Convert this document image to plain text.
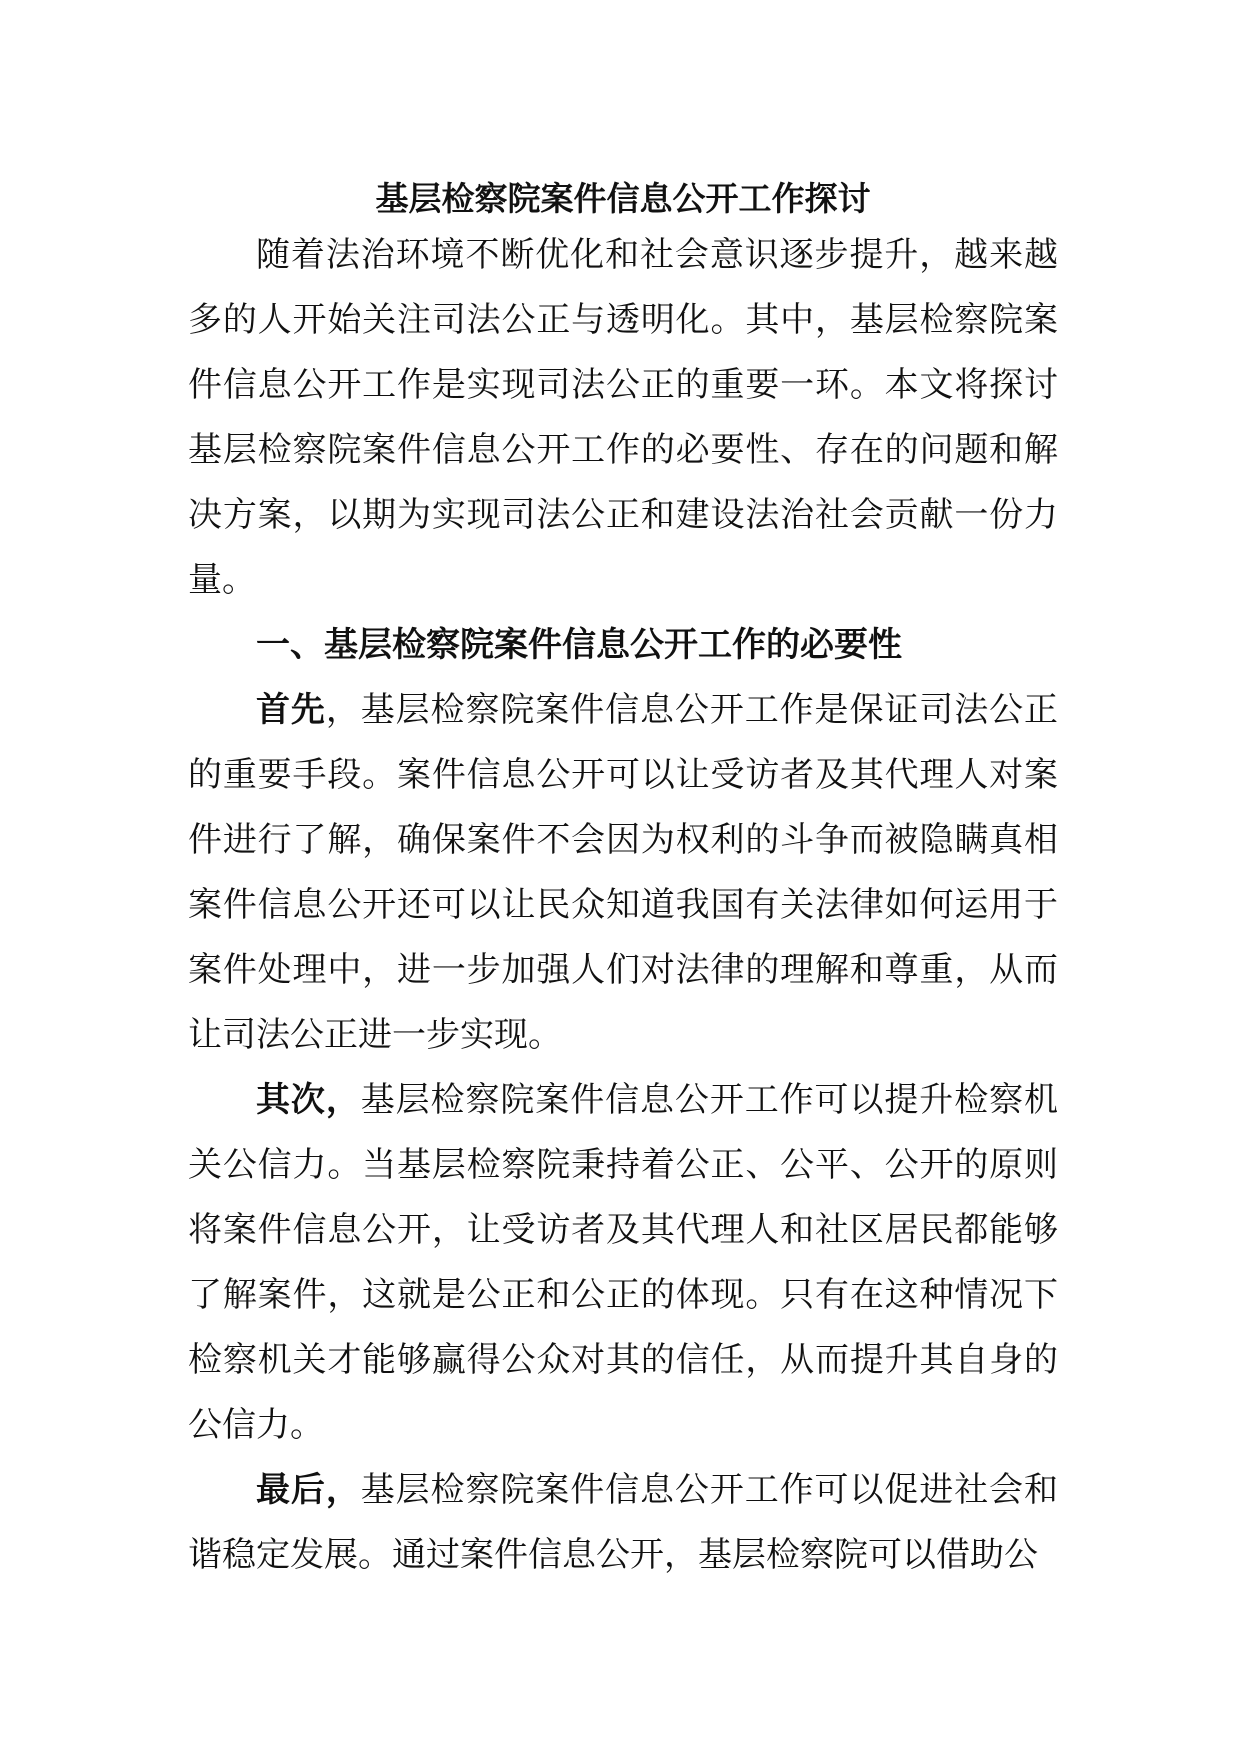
基层检察院案件信息公开工作探讨

随着法治环境不断优化和社会意识逐步提升，越来越多的人开始关注司法公正与透明化。其中，基层检察院案件信息公开工作是实现司法公正的重要一环。本文将探讨基层检察院案件信息公开工作的必要性、存在的问题和解决方案，以期为实现司法公正和建设法治社会贡献一份力量。

一、基层检察院案件信息公开工作的必要性

首先，基层检察院案件信息公开工作是保证司法公正的重要手段。案件信息公开可以让受访者及其代理人对案件进行了解，确保案件不会因为权利的斗争而被隐瞒真相案件信息公开还可以让民众知道我国有关法律如何运用于案件处理中，进一步加强人们对法律的理解和尊重，从而让司法公正进一步实现。

其次，基层检察院案件信息公开工作可以提升检察机关公信力。当基层检察院秉持着公正、公平、公开的原则将案件信息公开，让受访者及其代理人和社区居民都能够了解案件，这就是公正和公正的体现。只有在这种情况下检察机关才能够赢得公众对其的信任，从而提升其自身的公信力。

最后，基层检察院案件信息公开工作可以促进社会和谐稳定发展。通过案件信息公开，基层检察院可以借助公
